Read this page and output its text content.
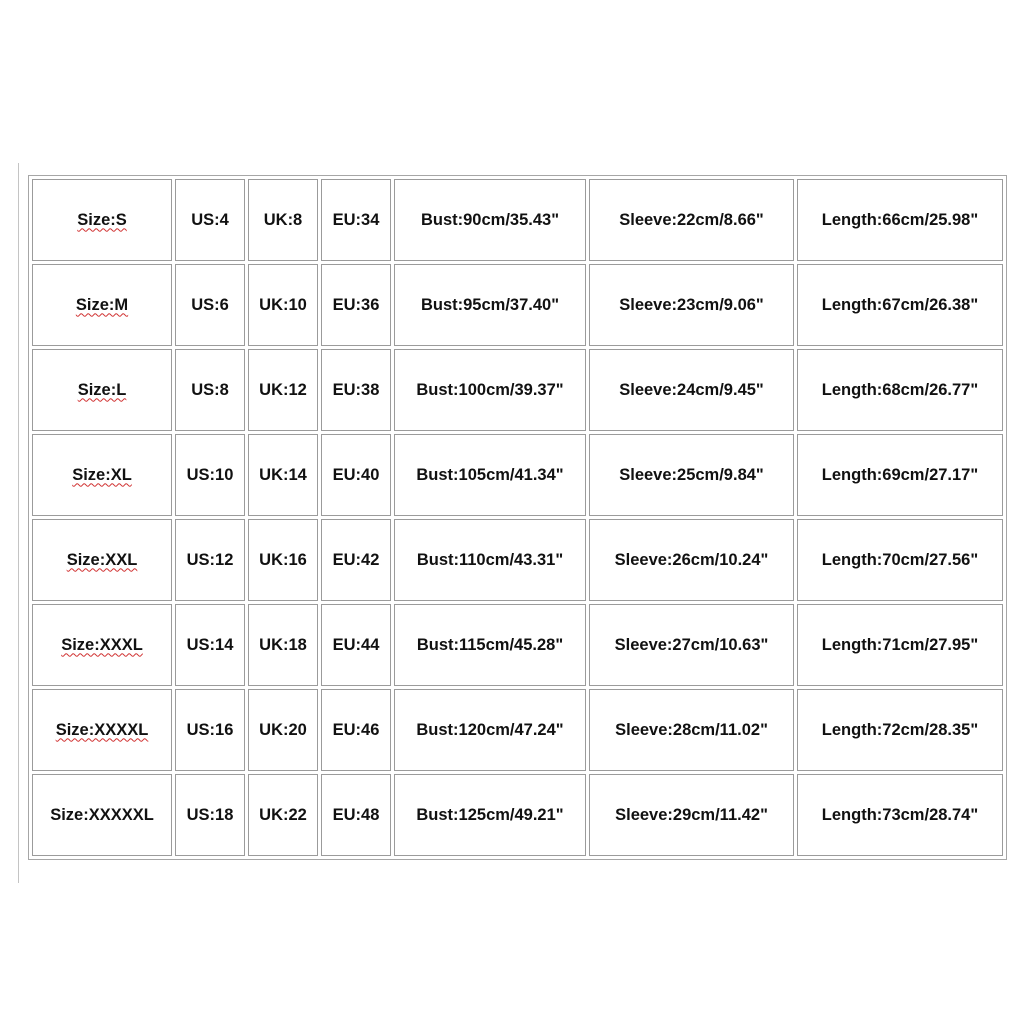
Size:S	US:4	UK:8	EU:34	Bust:90cm/35.43"	Sleeve:22cm/8.66"	Length:66cm/25.98"
Size:M	US:6	UK:10	EU:36	Bust:95cm/37.40"	Sleeve:23cm/9.06"	Length:67cm/26.38"
Size:L	US:8	UK:12	EU:38	Bust:100cm/39.37"	Sleeve:24cm/9.45"	Length:68cm/26.77"
Size:XL	US:10	UK:14	EU:40	Bust:105cm/41.34"	Sleeve:25cm/9.84"	Length:69cm/27.17"
Size:XXL	US:12	UK:16	EU:42	Bust:110cm/43.31"	Sleeve:26cm/10.24"	Length:70cm/27.56"
Size:XXXL	US:14	UK:18	EU:44	Bust:115cm/45.28"	Sleeve:27cm/10.63"	Length:71cm/27.95"
Size:XXXXL	US:16	UK:20	EU:46	Bust:120cm/47.24"	Sleeve:28cm/11.02"	Length:72cm/28.35"
Size:XXXXXL	US:18	UK:22	EU:48	Bust:125cm/49.21"	Sleeve:29cm/11.42"	Length:73cm/28.74"
